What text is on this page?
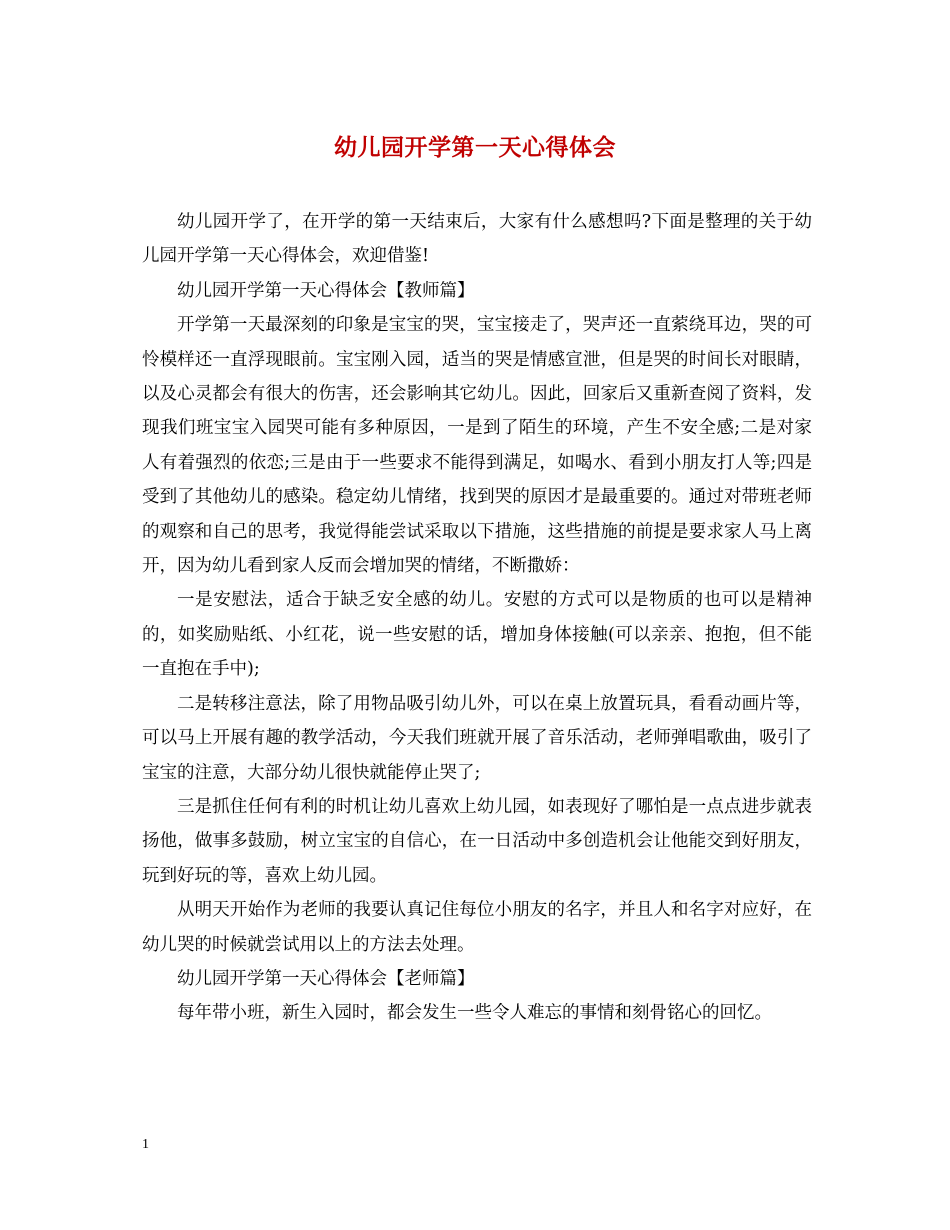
幼儿园开学第一天心得体会

幼儿园开学了，在开学的第一天结束后，大家有什么感想吗?下面是整理的关于幼儿园开学第一天心得体会，欢迎借鉴!

幼儿园开学第一天心得体会【教师篇】

开学第一天最深刻的印象是宝宝的哭，宝宝接走了，哭声还一直萦绕耳边，哭的可怜模样还一直浮现眼前。宝宝刚入园，适当的哭是情感宣泄，但是哭的时间长对眼睛，以及心灵都会有很大的伤害，还会影响其它幼儿。因此，回家后又重新查阅了资料，发现我们班宝宝入园哭可能有多种原因，一是到了陌生的环境，产生不安全感;二是对家人有着强烈的依恋;三是由于一些要求不能得到满足，如喝水、看到小朋友打人等;四是受到了其他幼儿的感染。稳定幼儿情绪，找到哭的原因才是最重要的。通过对带班老师的观察和自己的思考，我觉得能尝试采取以下措施，这些措施的前提是要求家人马上离开，因为幼儿看到家人反而会增加哭的情绪，不断撒娇：

一是安慰法，适合于缺乏安全感的幼儿。安慰的方式可以是物质的也可以是精神的，如奖励贴纸、小红花，说一些安慰的话，增加身体接触(可以亲亲、抱抱，但不能一直抱在手中);

二是转移注意法，除了用物品吸引幼儿外，可以在桌上放置玩具，看看动画片等，可以马上开展有趣的教学活动，今天我们班就开展了音乐活动，老师弹唱歌曲，吸引了宝宝的注意，大部分幼儿很快就能停止哭了;

三是抓住任何有利的时机让幼儿喜欢上幼儿园，如表现好了哪怕是一点点进步就表扬他，做事多鼓励，树立宝宝的自信心，在一日活动中多创造机会让他能交到好朋友，玩到好玩的等，喜欢上幼儿园。

从明天开始作为老师的我要认真记住每位小朋友的名字，并且人和名字对应好，在幼儿哭的时候就尝试用以上的方法去处理。

幼儿园开学第一天心得体会【老师篇】

每年带小班，新生入园时，都会发生一些令人难忘的事情和刻骨铭心的回忆。

1
